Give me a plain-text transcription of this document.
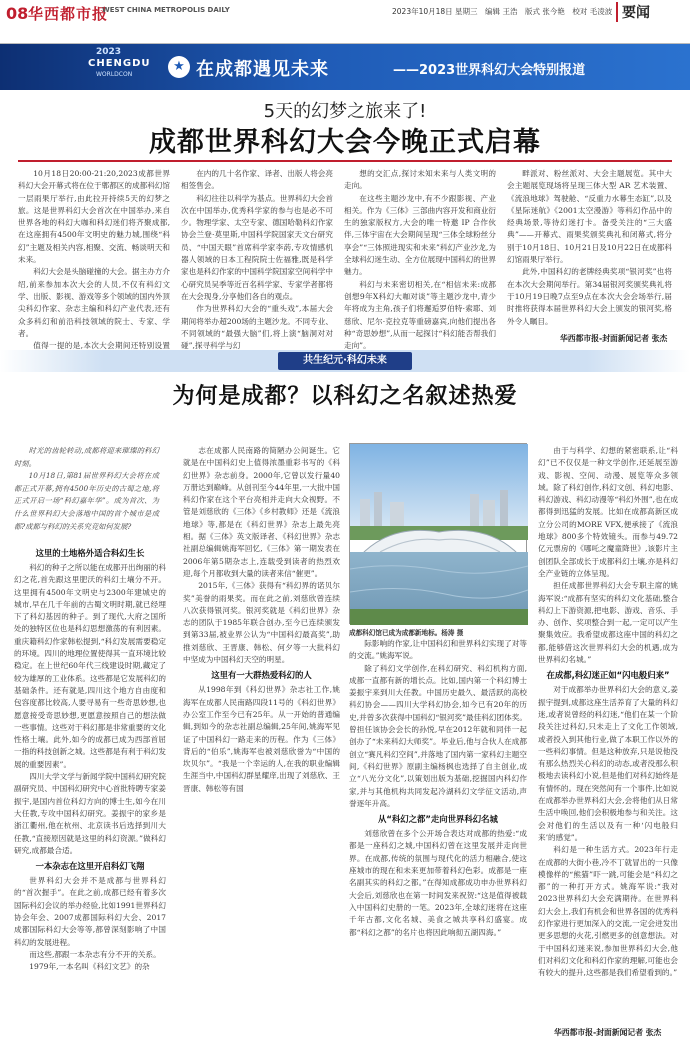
08 华西都市报
WEST CHINA METROPOLIS DAILY	2023年10月18日 星期三　编辑 王浩　版式 张今艳　校对 毛凌波 要闻
2023
CHENGDU
WORLDCON
★ 在成都遇见未来	——2023世界科幻大会特别报道
5天的幻梦之旅来了!
成都世界科幻大会今晚正式启幕

10月18日20:00-21:20,2023成都世界科幻大会开幕式将在位于郫都区的成都科幻馆一层雨果厅举行,由此拉开持续5天的幻梦之旅。这是世界科幻大会首次在中国举办,来自世界各地的科幻大咖和科幻迷们将齐聚成都,在这座拥有4500年文明史的魅力城,围绕“科幻”主题及相关内容,相聚、交流、畅谈明天和未来。

科幻大会是头脑碰撞的大会。据主办方介绍,前来参加本次大会的人员,不仅有科幻文学、出版、影视、游戏等多个领域的国内外顶尖科幻作家、杂志主编和科幻产业代表,还有众多科幻和前沿科技领域的院士、专家、学者。

值得一提的是,本次大会期间还特别设置

在内的几十名作家、译者、出版人将会亮相签售会。

科幻往往以科学为基点。世界科幻大会首次在中国举办,优秀科学家的参与也是必不可少。物理学家、太空专家、德国哈勒科幻作家协会兰登·莫里斯,中国科学院国家天文台研究员、“中国天眼”首席科学家李菂,专攻情感机器人领域的日本工程院院士佐福雅,既是科学家也是科幻作家的中国科学院国家空间科学中心研究员吴季等近百名科学家、专家学者都将在大会现身,分享他们各自的观点。

作为世界科幻大会的“重头戏”,本届大会期间将举办超200场的主题沙龙。不同专业、不同领域的“最强大脑”们,将上演“脑洞对对碰”,探寻科学与幻

想的交汇点,探讨未知未来与人类文明的走向。

在这些主题沙龙中,有不少跟影视、产业相关。作为《三体》三部曲内容开发和商业衍生的独家版权方,大会的唯一特邀 IP 合作伙伴,三体宇宙在大会期间呈现“三体全球粉丝分享会”“三体照进现实和未来”科幻产业沙龙,为全球科幻迷生动、全方位展现中国科幻的世界魅力。

科幻与未来密切相关,在“相信未来:成都创想9年X科幻大咖对谈”等主题沙龙中,青少年将成为主角,孩子们将邂逅罗伯特·索耶、刘慈欣、尼尔·克拉克等重磅嘉宾,向他们提出各种“奇思妙想”,从而一起探讨“科幻能否帮我们走向”。

畔派对、粉丝派对、大会主题展览。其中大会主题展览现场将呈现三体大型 AR 艺术装置、《流浪地球》驾驶舱、“反重力水幕生态缸”,以及《星际迷航》《2001太空漫游》等科幻作品中的经典场景,等待幻迷打卡。备受关注的“三大盛典”——开幕式、雨果奖颁奖典礼和闭幕式,将分别于10月18日、10月21日及10月22日在成都科幻馆雨果厅举行。

此外,中国科幻的老牌经典奖项“银河奖”也将在本次大会期间举行。第34届银河奖颁奖典礼将于10月19日晚7点至9点在本次大会会场举行,届时推将获得本届世界科幻大会上颁发的银河奖,格外令人瞩目。

华西都市报-封面新闻记者 张杰
共生纪元·科幻未来
为何是成都？以科幻之名叙述热爱

时光的齿轮转动,成都将迎来璀璨的科幻时刻。

10月18日,第81届世界科幻大会将在成都正式开幕,拥有4500年历史的古蜀之地,将正式开启一场“科幻嘉年华”。成为首次、为什么世界科幻大会落地中国的首个城市是成都?成都与科幻的关系究竟如何发展?

这里的土地格外适合科幻生长

科幻的种子之所以能在成都开出绚丽的科幻之花,首先跟这里肥沃的科幻土壤分不开。这里拥有4500年文明史与2300年建城史的城市,早在几千年前的古蜀文明时期,就已经埋下了科幻基因的种子。到了现代,大府之国所处的独特区位也是科幻思想激荡的有利因素。重庆籍科幻作家韩松提到,“科幻发展需要稳定的环境。四川的地理位置使得其一直环境比较稳定。在上世纪60年代三线建设时期,藏定了较为雄厚的工业体系。这些都是它发展科幻的基础条件。还有就是,四川这个地方自由度和包容度都比较高,人要寻易有一些奇思妙想,也愿意接受奇思妙想,更愿意按照自己的想法做一些事情。这些对于科幻都是非常重要的文化性格土壤。此外,如今的成都已成为西部首屈一指的科技创新之城。这些都是有利于科幻发展的重要因素”。

四川大学文学与新闻学院中国科幻研究院副研究员、中国科幻研究中心首批特聘专家姜振宇,是国内首位科幻方向的博士生,如今在川大任教,专攻中国科幻研究。姜振宇的家乡是浙江衢州,他在杭州、北京读书后选择到川大任教,“直接原因就是这里的科幻资源。”做科幻研究,成都最合适。

一本杂志在这里开启科幻飞翔

世界科幻大会并不是成都与世界科幻的“首次握手”。在此之前,成都已经有着多次国际科幻会议的举办经验,比如1991世界科幻协会年会、2007成都国际科幻大会、2017成都国际科幻大会等等,都曾深刻影响了中国科幻的发展进程。

而这些,都跟一本杂志有分不开的关系。

1979年,一本名叫《科幻文艺》的杂

志在成都人民南路的简陋办公间诞生。它就是在中国科幻史上值得浓墨重彩书写的《科幻世界》杂志前身。2000年,它曾以发行量40万册达到巅峰。从创刊至今44年里,一大批中国科幻作家在这个平台亮相并走向大众视野。不管是刘慈欣的《三体》《乡村教师》还是《流浪地球》等,都是在《科幻世界》杂志上最先亮相。据《三体》英文版译者、《科幻世界》杂志社副总编辑姚海军回忆,《三体》第一期发表在2006年第5期杂志上,连载受到读者的热烈欢迎,每个月都收到大量的读者来信“催更”。

2015年,《三体》获得有“科幻界的诺贝尔奖”美誉的雨果奖。而在此之前,刘慈欣曾连续八次获得银河奖。银河奖就是《科幻世界》杂志的团队于1985年联合创办,至今已连续颁发到第33届,被业界公认为“中国科幻最高奖”,助推刘慈欣、王晋康、韩松、何夕等一大批科幻中坚成为中国科幻天空的明星。

这里有一大群热爱科幻的人

从1998年到《科幻世界》杂志社工作,姚海军在成都人民南路四段11号的《科幻世界》办公室工作至今已有25年。从一开始的普通编辑,到如今的杂志社副总编辑,25年间,姚海军见证了中国科幻一路走来的历程。作为《三体》背后的“伯乐”,姚海军也被刘慈欣誉为“中国的坎贝尔”。“我是一个幸运的人,在我的职业编辑生涯当中,中国科幻群星耀庠,出现了刘慈欣、王晋康、韩松等有国

成都科幻馆已成为成都新地标。杨涛 摄

际影响的作家,让中国科幻和世界科幻实现了对等的交流。”姚海军说。

除了科幻文学创作,在科幻研究、科幻机构方面,成都一直都有新的增长点。比如,国内第一个科幻博士姜振宇来到川大任教。中国历史最久、最活跃的高校科幻协会——四川大学科幻协会,如今已有20年的历史,并曾多次获得中国科幻“银河奖”最佳科幻团体奖。曾担任该协会会长的孙悦,早在2012年就和同伴一起创办了“未来科幻大师奖”。毕业后,他与合伙人在成都创立“赛凡科幻空间”,并落地了国内第一家科幻主题空间,《科幻世界》原副主编杨枫也选择了自主创业,成立“八光分文化”,以策划出版为基础,挖掘国内科幻作家,并与其他机构共同发起冷湖科幻文学征文活动,声誉逐年升高。

从“科幻之都”走向世界科幻名城

刘慈欣曾在多个公开场合表达对成都的热爱:“成都是一座科幻之城,中国科幻曾在这里发展并走向世界。在成都,传统的氛围与现代化的活力相融合,使这座城市的现在和未来更加带着科幻色彩。成都是一座名副其实的科幻之都。”在得知成都成功申办世界科幻大会后,刘慈欣也在第一时间发来祝贺:“这是值得被载入中国科幻史册的一笔。2023年,全球幻迷将在这座千年古都,文化名城、美食之城共享科幻盛宴。成都“科幻之都”的名片也将因此响彻五湖四海。”

由于与科学、幻想的紧密联系,让“科幻”已不仅仅是一种文学创作,还延展至游戏、影视、空间、动漫、展览等众多领域。除了科幻创作,科幻文创、科幻电影、科幻游戏、科幻动漫等“科幻外围”,也在成都得到迅猛的发展。比如在成都高新区成立分公司的MORE VFX,便承接了《流浪地球》800多个特效镜头。而参与49.72亿元票房的《哪吒之魔童降世》,该影片主创团队全部成长于成都科幻土壤,亦是科幻全产业链的立体呈现。

担任成都世界科幻大会专职主席的姚海军说:“成都有坚实的科幻文化基础,整合科幻上下游资源,把电影、游戏、音乐、手办、创作、奖项整合到一起,一定可以产生聚集效应。我希望成都这座中国的科幻之都,能够借这次世界科幻大会的机遇,成为世界科幻名城。”

在成都,科幻迷正如“闪电般归来”

对于成都举办世界科幻大会的意义,姜振宇提到,成都这座生活养育了大量的科幻迷,或者说曾经的科幻迷,“他们在某一个阶段关注过科幻,只未走上了文化工作领域,或者投入到其他行业,做了本职工作以外的一些科幻事情。但是这种放弃,只是说他没有那么热烈关心科幻的动态,或者没那么积极地去读科幻小说,但是他们对科幻始终是有情怀的。现在突然间有一个事件,比如说在成都举办世界科幻大会,会将他们从日常生活中唤回,他们会积极地参与和关注。这会对他们的生活以及有一种‘闪电般归来’的感觉”。

科幻是一种生活方式。2023年行走在成都的大街小巷,冷不丁就冒出的一只像模像样的“熊猫”吓一跳,可能会是“科幻之都”的一种打开方式。姚海军说:“我对2023世界科幻大会充满期待。在世界科幻大会上,我们有机会和世界各国的优秀科幻作家进行更加深入的交流,一定会迸发出更多思想的火花,引燃更多的创意想法。对于中国科幻迷来说,参加世界科幻大会,他们对科幻文化和科幻作家的理解,可能也会有较大的提升,这些都是我们希望看到的。”

华西都市报-封面新闻记者 张杰
